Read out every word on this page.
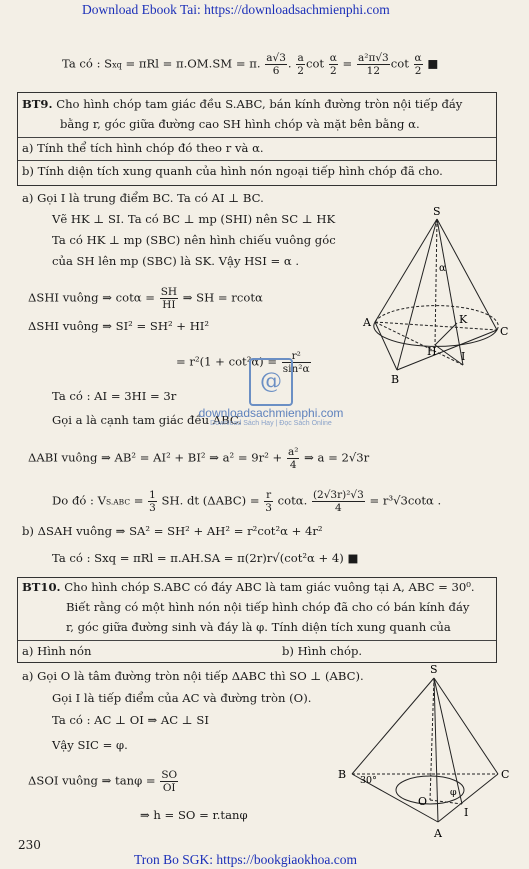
Download Ebook Tai: https://downloadsachmienphi.com
Ta có : Sxq = πRl = π.OM.SM = π. $\frac{a√3}{6}$ . $\frac{a}{2}$ $\cot \frac{\alpha}{2} = \frac{\text{a²π√3}}{12}$ $\cot \frac{\alpha}{2}$ ■
BT9. Cho hình chóp tam giác đều S.ABC, bán kính đường tròn nội tiếp đáy
bằng r, góc giữa đường cao SH hình chóp và mặt bên bằng α.
a) Tính thể tích hình chóp đó theo r và α.
b) Tính diện tích xung quanh của hình nón ngoại tiếp hình chóp đã cho.
a) Gọi I là trung điểm BC. Ta có AI ⊥ BC.
Vẽ HK ⊥ SI. Ta có BC ⊥ mp (SHI) nên SC ⊥ HK
Ta có HK ⊥ mp (SBC) nên hình chiếu vuông góc
của SH lên mp (SBC) là SK. Vậy HSI = α .
ΔSHI vuông ⇒ $\cot\alpha = \frac{SH}{HI}$ ⇒ SH = rcotα
ΔSHI vuông ⇒ SI² = SH² + HI²
= $r^2(1 + \cot^2\alpha) = \frac{\text{r²}}{\text{sin²α}}$
Ta có : AI = 3HI = 3r
Gọi a là cạnh tam giác đều ABC.
ΔABI vuông ⇒ AB² = AI² + BI² ⇒ $a^2 = 9r^2 + \frac{\text{a²}}{4}$ ⇒ a = 2√3r
Do đó : $VS.ABC = \frac{1}{3}$ SH. dt $(\Delta ABC) = \frac{r}{3} \cot\alpha$. $\frac{\text{(2√3r)²√3}}{4} = r^3√3\cot\alpha$ .
b) ΔSAH vuông ⇒ SA² = SH² + AH² = r²cot²α + 4r²
Ta có : Sxq = πRl = π.AH.SA = π(2r)r√(cot²α + 4) ■
BT10. Cho hình chóp S.ABC có đáy ABC là tam giác vuông tại A, ABC = 30⁰.
Biết rằng có một hình nón nội tiếp hình chóp đã cho có bán kính đáy
r, góc giữa đường sinh và đáy là φ. Tính diện tích xung quanh của
a) Hình nón	b) Hình chóp.
a) Gọi O là tâm đường tròn nội tiếp ΔABC thì SO ⊥ (ABC).
Gọi I là tiếp điểm của AC và đường tròn (O).
Ta có : AC ⊥ OI ⇒ AC ⊥ SI
Vậy SIC = φ.
ΔSOI vuông ⇒ $\tan\varphi = \frac{SO}{OI}$
⇒ h = SO = r.tanφ
230
Tron Bo SGK: https://bookgiaokhoa.com
@
downloadsachmienphi.com
Download Sách Hay | Đọc Sách Online
S
A
B
C
H
K
I
α
S
B	C
A
O
I
30°
φ
